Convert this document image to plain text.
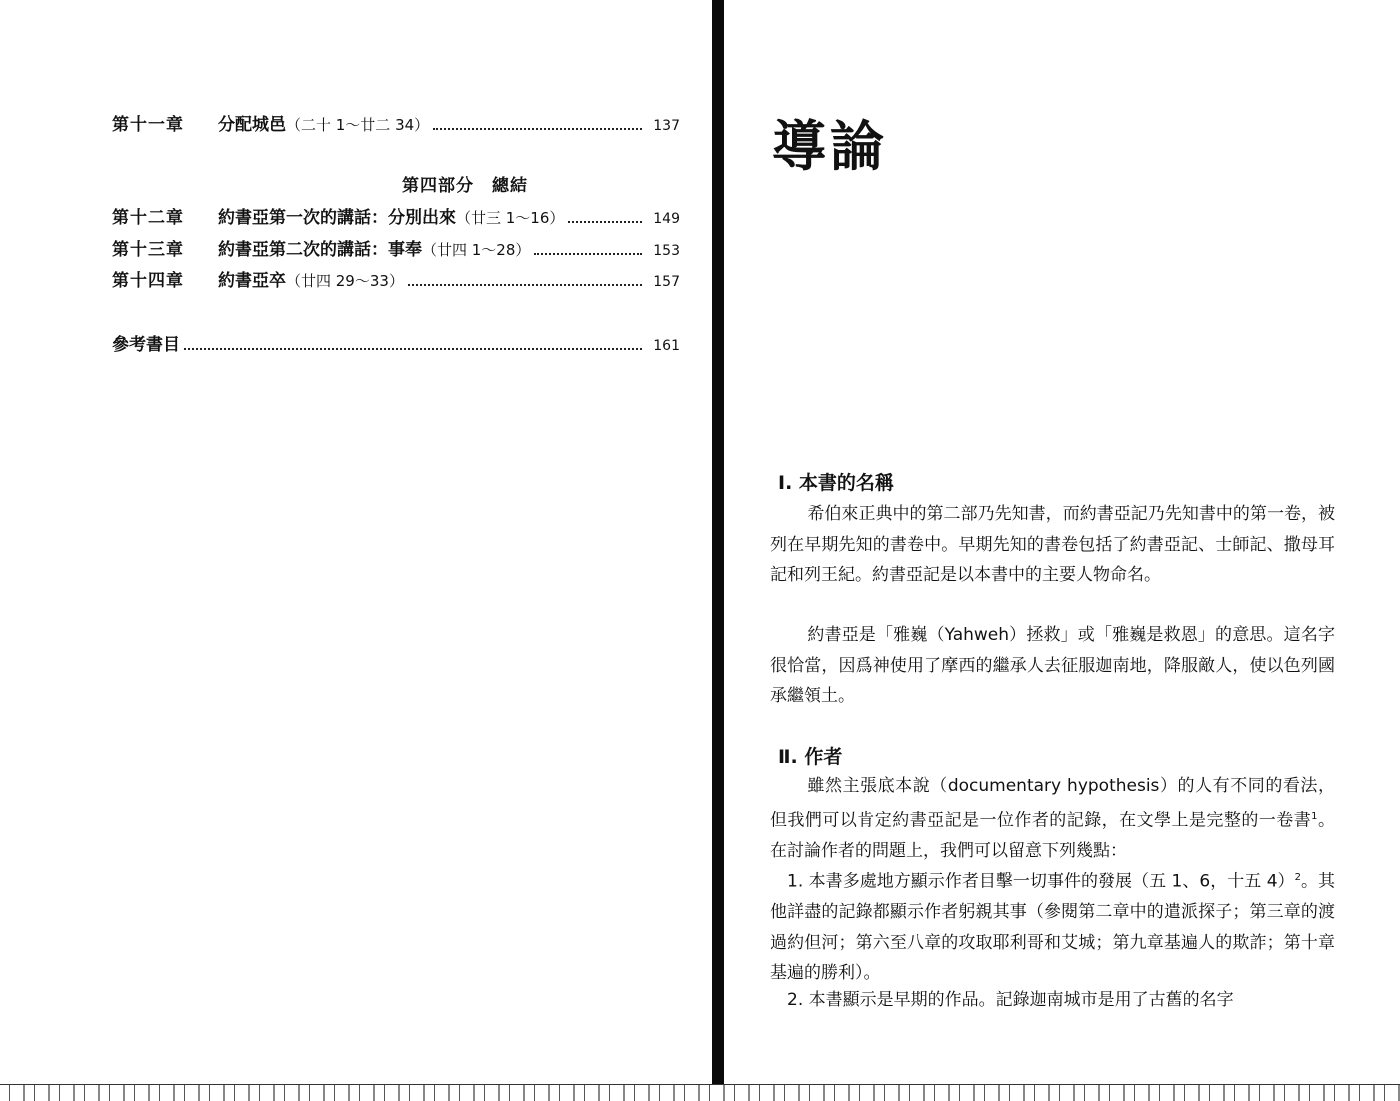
第十一章	分配城邑 （二十 1～廿二 34）	137
第四部分　總結
第十二章	約書亞第一次的講話：分別出來 （廿三 1～16）	149
第十三章	約書亞第二次的講話：事奉 （廿四 1～28）	153
第十四章	約書亞卒 （廿四 29～33）	157
參考書目	161
導論
Ⅰ. 本書的名稱

希伯來正典中的第二部乃先知書，而約書亞記乃先知書中的第一卷，被列在早期先知的書卷中。早期先知的書卷包括了約書亞記、士師記、撒母耳記和列王紀。約書亞記是以本書中的主要人物命名。

約書亞是「雅巍（Yahweh）拯救」或「雅巍是救恩」的意思。這名字很恰當，因爲神使用了摩西的繼承人去征服迦南地，降服敵人，使以色列國承繼領土。

Ⅱ. 作者

雖然主張底本說（documentary hypothesis）的人有不同的看法，但我們可以肯定約書亞記是一位作者的記錄，在文學上是完整的一卷書$^1$。在討論作者的問題上，我們可以留意下列幾點：

1. 本書多處地方顯示作者目擊一切事件的發展（五 1、6，十五 4）$^2$。其他詳盡的記錄都顯示作者躬親其事（參閱第二章中的遣派探子；第三章的渡過約但河；第六至八章的攻取耶利哥和艾城；第九章基遍人的欺詐；第十章基遍的勝利）。

2. 本書顯示是早期的作品。記錄迦南城市是用了古舊的名字
